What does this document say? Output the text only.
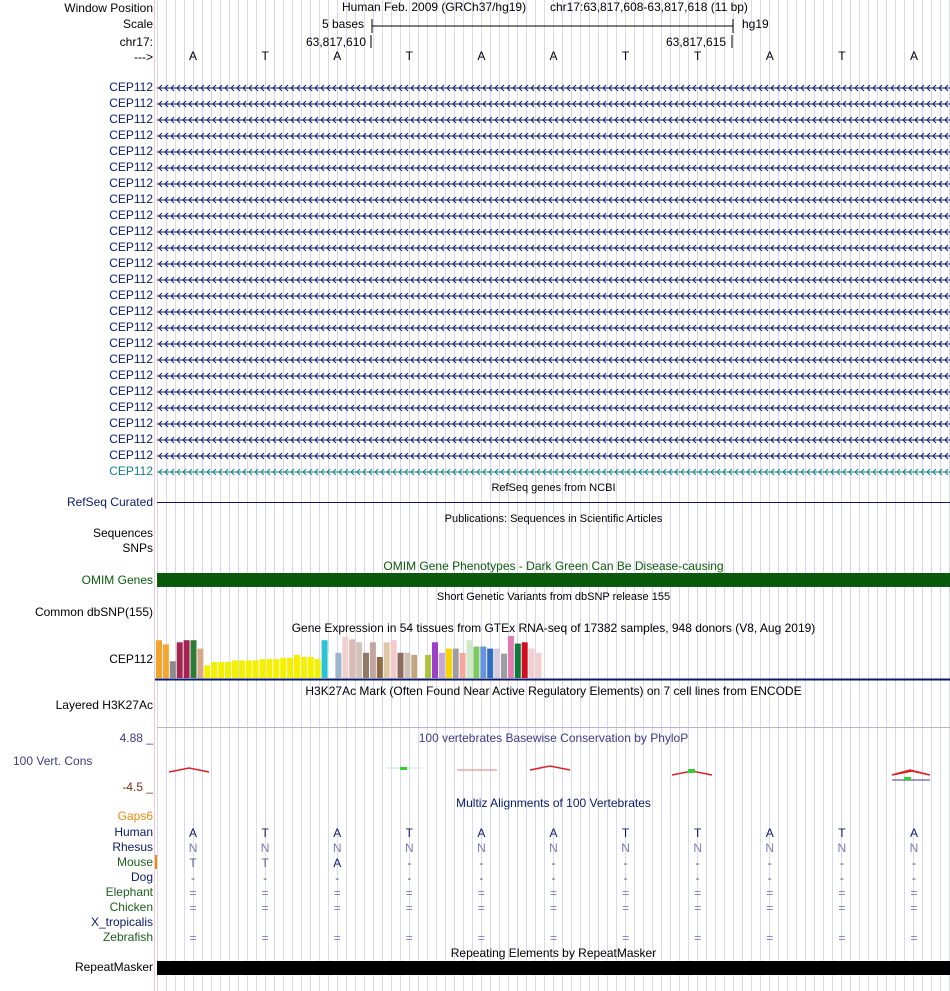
Window Position
Scale
chr17:
--->
Human Feb. 2009 (GRCh37/hg19) chr17:63,817,608-63,817,618 (11 bp)
5 bases	hg19
63,817,610	63,817,615
A	T	A	T	A	A	T	T	A	T	A
CEP112
CEP112
CEP112
CEP112
CEP112
CEP112
CEP112
CEP112
CEP112
CEP112
CEP112
CEP112
CEP112
CEP112
CEP112
CEP112
CEP112
CEP112
CEP112
CEP112
CEP112
CEP112
CEP112
CEP112
CEP112
RefSeq genes from NCBI
RefSeq Curated
Publications: Sequences in Scientific Articles
Sequences
SNPs
OMIM Gene Phenotypes - Dark Green Can Be Disease-causing
OMIM Genes
Short Genetic Variants from dbSNP release 155
Common dbSNP(155)
Gene Expression in 54 tissues from GTEx RNA-seq of 17382 samples, 948 donors (V8, Aug 2019)
CEP112
H3K27Ac Mark (Often Found Near Active Regulatory Elements) on 7 cell lines from ENCODE
Layered H3K27Ac
4.88 _	100 vertebrates Basewise Conservation by PhyloP
100 Vert. Cons
-4.5 _
Multiz Alignments of 100 Vertebrates
Gaps6
Human	A	T	A	T	A	A	T	T	A	T	A
Rhesus	N	N	N	N	N	N	N	N	N	N	N
Mouse	T	T	A	-	-	-	-	-	-	-	-
Dog	-	-	-	-	-	-	-	-	-	-	-
Elephant	=	=	=	=	=	=	=	=	=	=	=
Chicken	=	=	=	=	=	=	=	=	=	=	=
X_tropicalis
Zebrafish	=	=	=	=	=	=	=	=	=	=	=
Repeating Elements by RepeatMasker
RepeatMasker
